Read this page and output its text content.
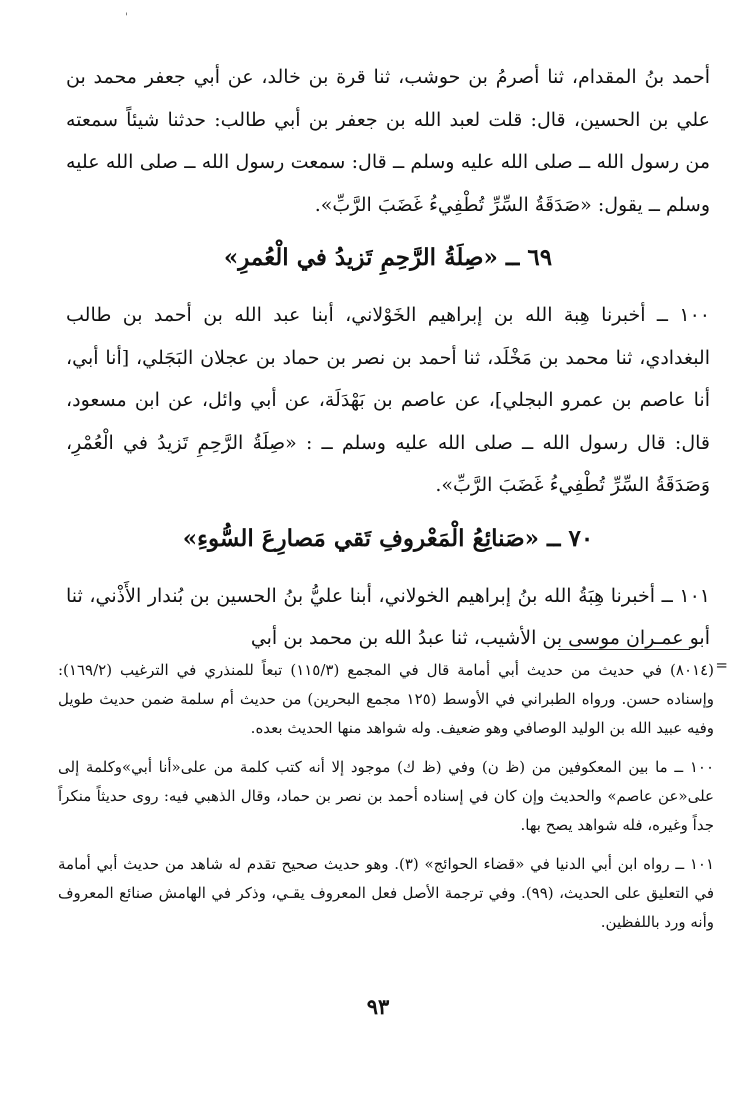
'

أحمد بنُ المقدام، ثنا أصرمُ بن حوشب، ثنا قرة بن خالد، عن أبي جعفر محمد بن علي بن الحسين، قال: قلت لعبد الله بن جعفر بن أبي طالب: حدثنا شيئاً سمعته من رسول الله ــ صلى الله عليه وسلم ــ قال: سمعت رسول الله ــ صلى الله عليه وسلم ــ يقول: «صَدَقَةُ السِّرِّ تُطْفِيءُ غَضَبَ الرَّبِّ».

٦٩ ــ «صِلَةُ الرَّحِمِ تَزيدُ في الْعُمرِ»

١٠٠ ــ أخبرنا هِبة الله بن إبراهيم الخَوْلاني، أبنا عبد الله بن أحمد بن طالب البغدادي، ثنا محمد بن مَخْلَد، ثنا أحمد بن نصر بن حماد بن عجلان البَجَلي، [أنا أبي، أنا عاصم بن عمرو البجلي]، عن عاصم بن بَهْدَلَة، عن أبي وائل، عن ابن مسعود، قال: قال رسول الله ــ صلى الله عليه وسلم ــ : «صِلَةُ الرَّحِمِ تَزيدُ في الْعُمْرِ، وَصَدَقَةُ السِّرِّ تُطْفِيءُ غَضَبَ الرَّبِّ».

٧٠ ــ «صَنائِعُ الْمَعْروفِ تَقي مَصارِعَ السُّوءِ»

١٠١ ــ أخبرنا هِبَةُ الله بنُ إبراهيم الخولاني، أبنا عليُّ بنُ الحسين بن بُندار الأَذْني، ثنا أبو عمـران موسى بن الأشيب، ثنا عبدُ الله بن محمد بن أبي

=

(٨٠١٤) في حديث من حديث أبي أمامة قال في المجمع (١١٥/٣) تبعاً للمنذري في الترغيب (١٦٩/٢): وإسناده حسن. ورواه الطبراني في الأوسط (١٢٥ مجمع البحرين) من حديث أم سلمة ضمن حديث طويل وفيه عبيد الله بن الوليد الوصافي وهو ضعيف. وله شواهد منها الحديث بعده.

١٠٠ ــ ما بين المعكوفين من (ظ ن) وفي (ظ ك) موجود إلا أنه كتب كلمة من على«أنا أبي»وكلمة إلى على«عن عاصم» والحديث وإن كان في إسناده أحمد بن نصر بن حماد، وقال الذهبي فيه: روى حديثاً منكراً جداً وغيره، فله شواهد يصح بها.

١٠١ ــ رواه ابن أبي الدنيا في «قضاء الحوائج» (٣). وهو حديث صحيح تقدم له شاهد من حديث أبي أمامة في التعليق على الحديث، (٩٩). وفي ترجمة الأصل فعل المعروف يقـي، وذكر في الهامش صنائع المعروف وأنه ورد باللفظين.

٩٣
